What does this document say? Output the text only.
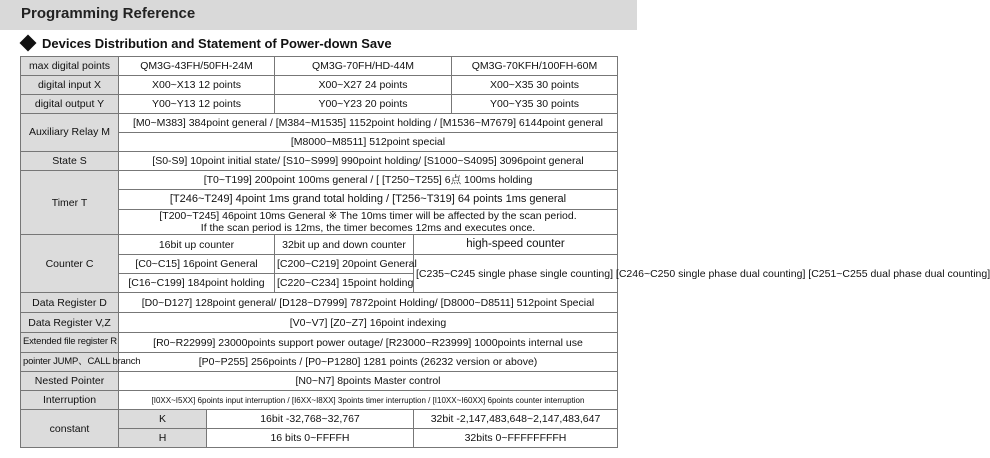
Programming Reference
Devices Distribution and Statement of Power-down Save
max digital points	QM3G-43FH/50FH-24M		QM3G-70FH/HD-44M		QM3G-70KFH/100FH-60M
digital input X	X00~X13 12 points		X00~X27 24 points		X00~X35 30 points
digital output Y	Y00~Y13 12 points		Y00~Y23 20 points		Y00~Y35 30 points
Auxiliary Relay M	[M0~M383] 384point general / [M384~M1535] 1152point holding / [M1536~M7679] 6144point general				
	[M8000~M8511] 512point special				
State S	[S0-S9] 10point initial state/ [S10~S999] 990point holding/ [S1000~S4095] 3096point general				
Timer T	[T0~T199] 200point 100ms general / [ [T250~T255] 6点 100ms holding				
	[T246~T249] 4point 1ms grand total holding / [T256~T319] 64 points 1ms general				

	[T200~T245] 46point 10ms General ※ The 10ms timer will be affected by the scan period.
If the scan period is 12ms, the timer becomes 12ms and executes once.				

Counter C	16bit up counter		32bit up and down counter	high-speed counter	
	[C0~C15] 16point General		[C200~C219] 20point General	[C235~C245 single phase single counting] [C246~C250 single phase dual counting] [C251~C255 dual phase dual counting]	
	[C16~C199] 184point holding		[C220~C234] 15point holding		
Data Register D	[D0~D127] 128point general/ [D128~D7999] 7872point Holding/ [D8000~D8511] 512point Special				
Data Register V,Z	[V0~V7] [Z0~Z7] 16point indexing				
Extended file register R	[R0~R22999] 23000points support power outage/ [R23000~R23999] 1000points internal use				
pointer JUMP、CALL branch	[P0~P255] 256points / [P0~P1280] 1281 points (26232 version or above)				
Nested Pointer	[N0~N7] 8points Master control				
Interruption	[I0XX~I5XX] 6points input interruption / [I6XX~I8XX] 3points timer interruption / [I10XX~I60XX] 6points counter interruption				
constant	K	16bit -32,768~32,767		32bit -2,147,483,648~2,147,483,647	
	H	16 bits 0~FFFFH		32bits 0~FFFFFFFFH	
